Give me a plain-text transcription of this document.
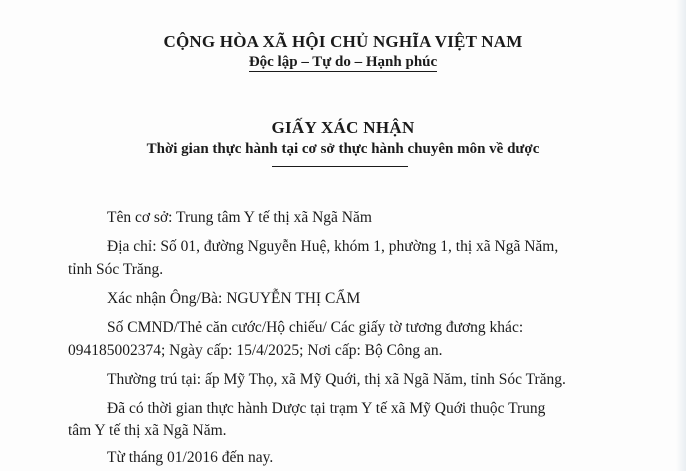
CỘNG HÒA XÃ HỘI CHỦ NGHĨA VIỆT NAM
Độc lập – Tự do – Hạnh phúc
GIẤY XÁC NHẬN
Thời gian thực hành tại cơ sở thực hành chuyên môn về dược
Tên cơ sở: Trung tâm Y tế thị xã Ngã Năm
Địa chỉ: Số 01, đường Nguyễn Huệ, khóm 1, phường 1, thị xã Ngã Năm,
tỉnh Sóc Trăng.
Xác nhận Ông/Bà: NGUYỄN THỊ CẨM
Số CMND/Thẻ căn cước/Hộ chiếu/ Các giấy tờ tương đương khác:
094185002374; Ngày cấp: 15/4/2025; Nơi cấp: Bộ Công an.
Thường trú tại: ấp Mỹ Thọ, xã Mỹ Quới, thị xã Ngã Năm, tỉnh Sóc Trăng.
Đã có thời gian thực hành Dược tại trạm Y tế xã Mỹ Quới thuộc Trung
tâm Y tế thị xã Ngã Năm.
Từ tháng 01/2016 đến nay.
